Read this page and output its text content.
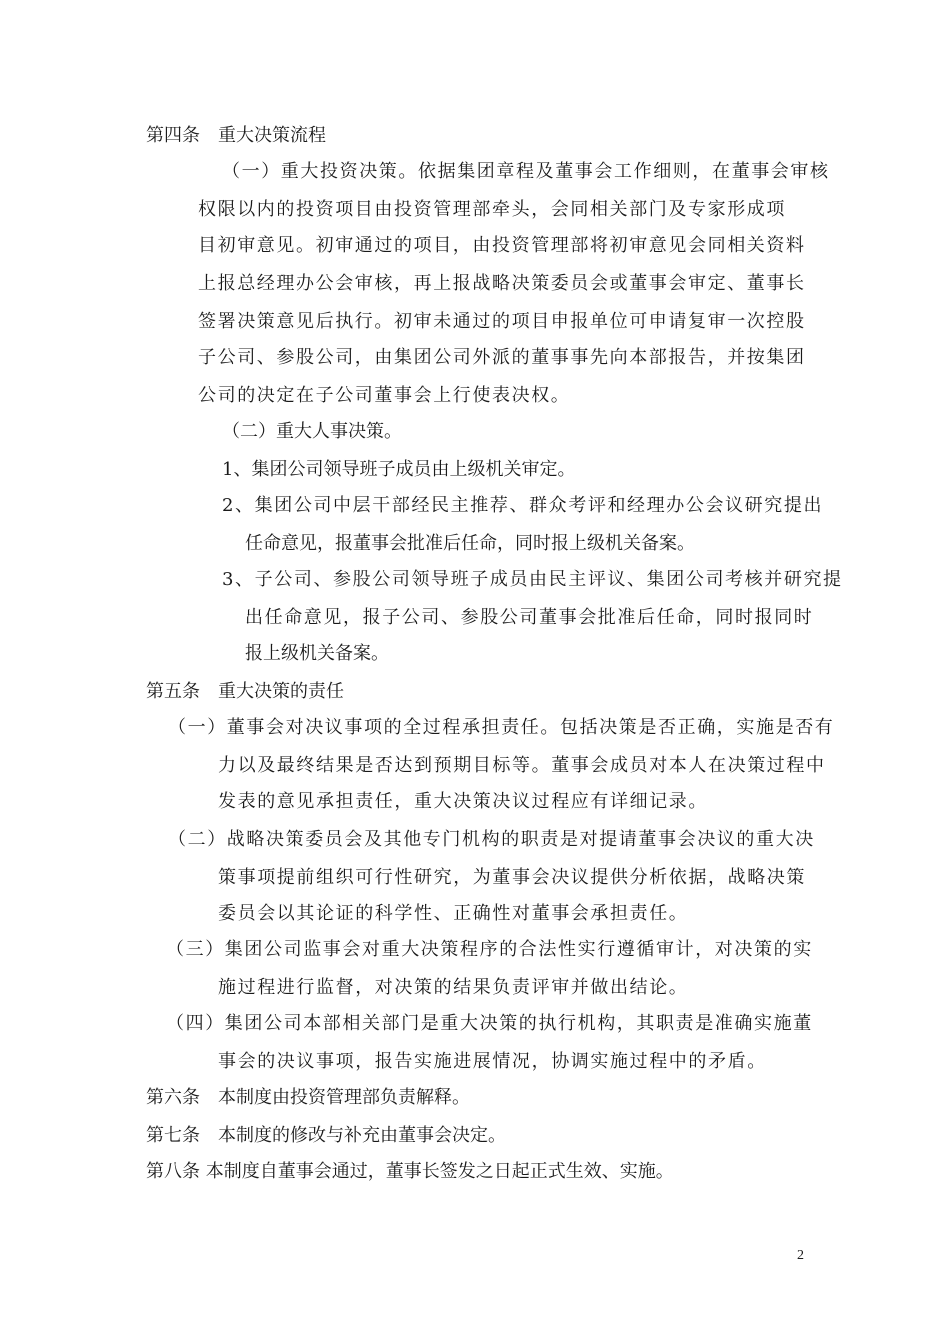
第四条　重大决策流程
（一）重大投资决策。依据集团章程及董事会工作细则，在董事会审核
权限以内的投资项目由投资管理部牵头，会同相关部门及专家形成项
目初审意见。初审通过的项目，由投资管理部将初审意见会同相关资料
上报总经理办公会审核，再上报战略决策委员会或董事会审定、董事长
签署决策意见后执行。初审未通过的项目申报单位可申请复审一次控股
子公司、参股公司，由集团公司外派的董事事先向本部报告，并按集团
公司的决定在子公司董事会上行使表决权。
（二）重大人事决策。
1、集团公司领导班子成员由上级机关审定。
2、集团公司中层干部经民主推荐、群众考评和经理办公会议研究提出
任命意见，报董事会批准后任命，同时报上级机关备案。
3、子公司、参股公司领导班子成员由民主评议、集团公司考核并研究提
出任命意见，报子公司、参股公司董事会批准后任命，同时报同时
报上级机关备案。
第五条　重大决策的责任
（一）董事会对决议事项的全过程承担责任。包括决策是否正确，实施是否有
力以及最终结果是否达到预期目标等。董事会成员对本人在决策过程中
发表的意见承担责任，重大决策决议过程应有详细记录。
（二）战略决策委员会及其他专门机构的职责是对提请董事会决议的重大决
策事项提前组织可行性研究，为董事会决议提供分析依据，战略决策
委员会以其论证的科学性、正确性对董事会承担责任。
（三）集团公司监事会对重大决策程序的合法性实行遵循审计，对决策的实
施过程进行监督，对决策的结果负责评审并做出结论。
（四）集团公司本部相关部门是重大决策的执行机构，其职责是准确实施董
事会的决议事项，报告实施进展情况，协调实施过程中的矛盾。
第六条　本制度由投资管理部负责解释。
第七条　本制度的修改与补充由董事会决定。
第八条 本制度自董事会通过，董事长签发之日起正式生效、实施。
2
